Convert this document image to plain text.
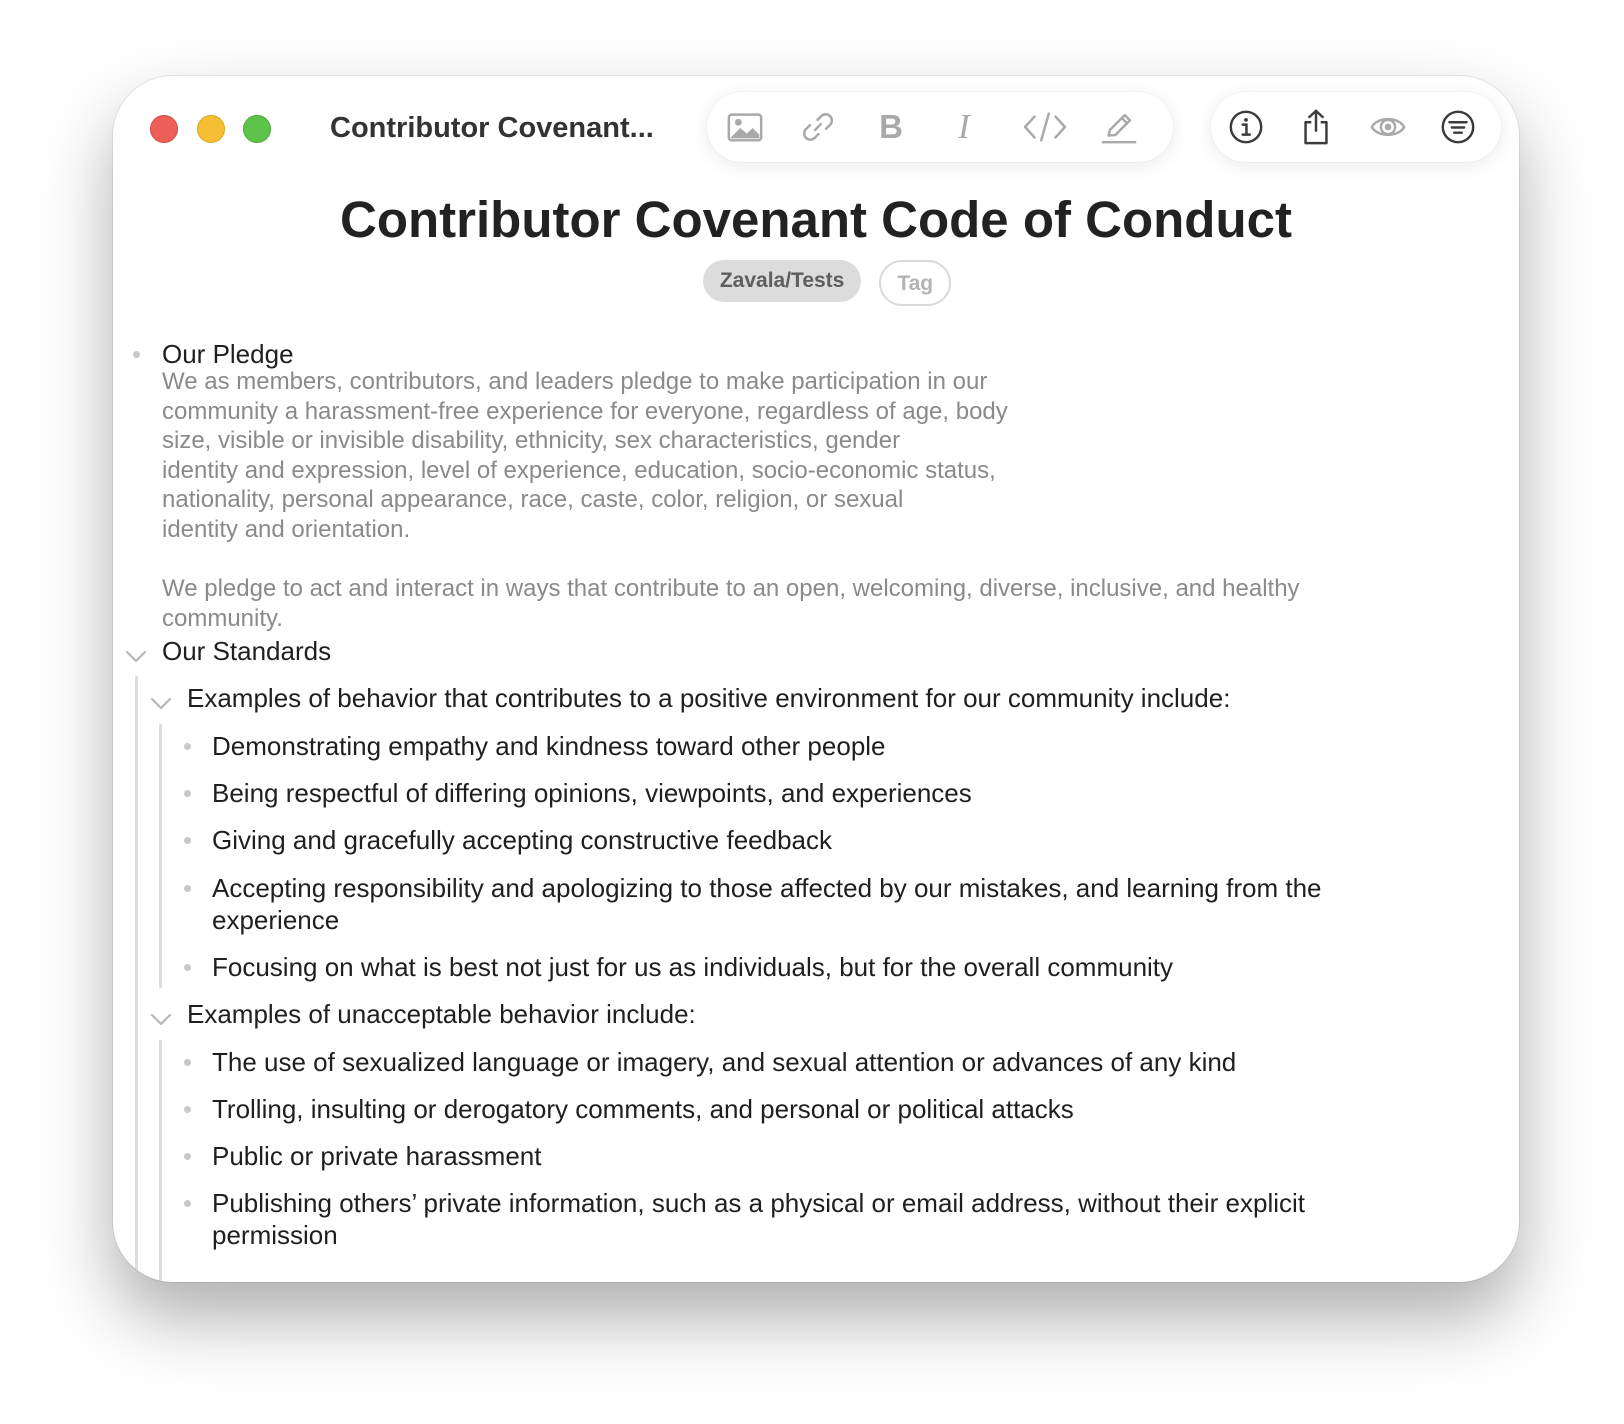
Contributor Covenant...	B I
Contributor Covenant Code of Conduct
Zavala/Tests	Tag
Our Pledge
We as members, contributors, and leaders pledge to make participation in our
community a harassment-free experience for everyone, regardless of age, body
size, visible or invisible disability, ethnicity, sex characteristics, gender
identity and expression, level of experience, education, socio-economic status,
nationality, personal appearance, race, caste, color, religion, or sexual
identity and orientation.
We pledge to act and interact in ways that contribute to an open, welcoming, diverse, inclusive, and healthy
community.
Our Standards
Examples of behavior that contributes to a positive environment for our community include:
Demonstrating empathy and kindness toward other people
Being respectful of differing opinions, viewpoints, and experiences
Giving and gracefully accepting constructive feedback
Accepting responsibility and apologizing to those affected by our mistakes, and learning from the
experience
Focusing on what is best not just for us as individuals, but for the overall community
Examples of unacceptable behavior include:
The use of sexualized language or imagery, and sexual attention or advances of any kind
Trolling, insulting or derogatory comments, and personal or political attacks
Public or private harassment
Publishing others’ private information, such as a physical or email address, without their explicit
permission
